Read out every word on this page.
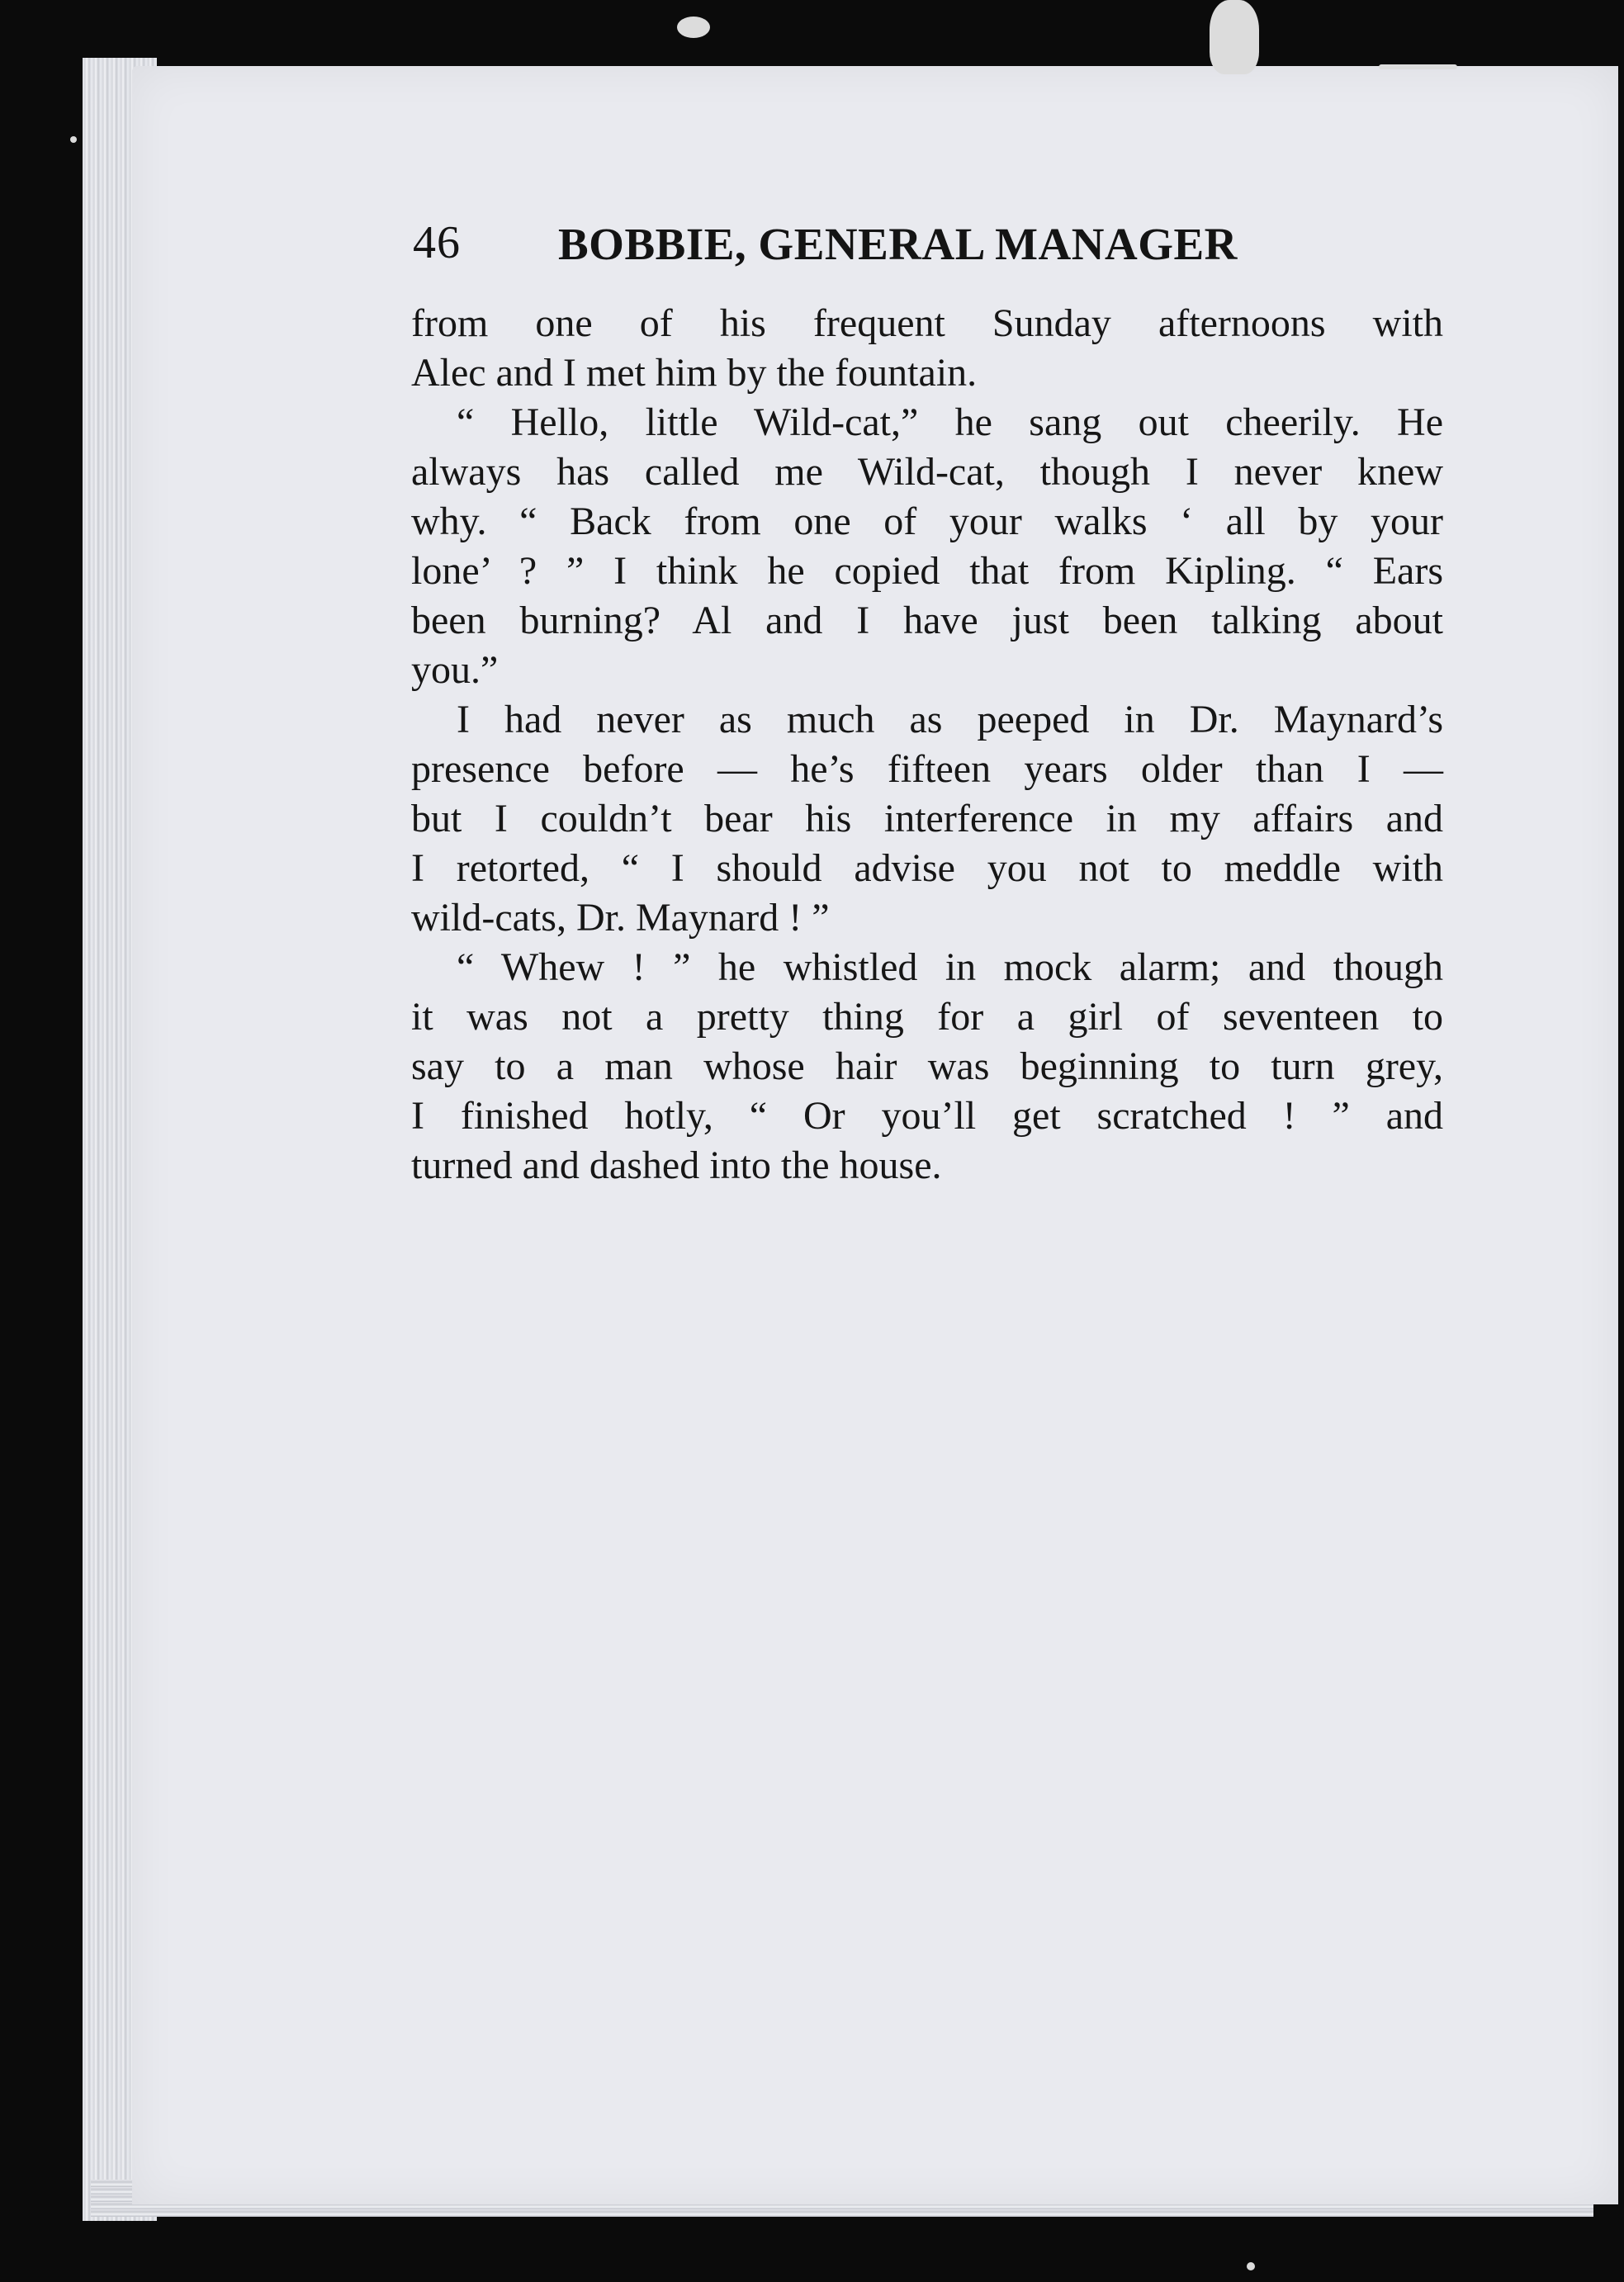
46 BOBBIE, GENERAL MANAGER
from one of his frequent Sunday afternoons with
Alec and I met him by the fountain.
“ Hello, little Wild-cat,” he sang out cheerily. He
always has called me Wild-cat, though I never knew
why. “ Back from one of your walks ‘ all by your
lone’ ? ” I think he copied that from Kipling. “ Ears
been burning? Al and I have just been talking about
you.”
I had never as much as peeped in Dr. Maynard’s
presence before — he’s fifteen years older than I —
but I couldn’t bear his interference in my affairs and
I retorted, “ I should advise you not to meddle with
wild-cats, Dr. Maynard ! ”
“ Whew ! ” he whistled in mock alarm; and though
it was not a pretty thing for a girl of seventeen to
say to a man whose hair was beginning to turn grey,
I finished hotly, “ Or you’ll get scratched ! ” and
turned and dashed into the house.
